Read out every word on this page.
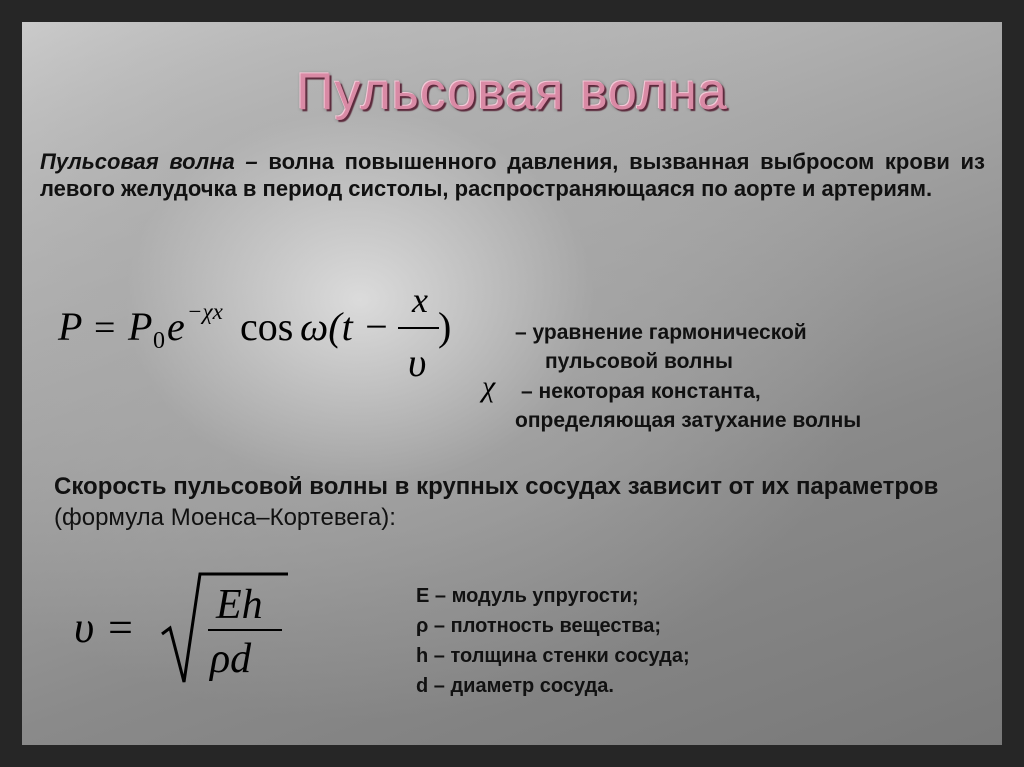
Пульсовая волна
Пульсовая волна – волна повышенного давления, вызванная выбросом крови из левого желудочка в период систолы, распространяющаяся по аорте и артериям.
P = P 0 e −χx cos ω(t −
x
υ
)	– уравнение гармонической
пульсовой волны
χ – некоторая константа,
определяющая затухание волны
Скорость пульсовой волны в крупных сосудах зависит от их параметров (формула Моенса–Кортевега):
υ = Eh
ρd
E – модуль упругости;
ρ – плотность вещества;
h – толщина стенки сосуда;
d – диаметр сосуда.
